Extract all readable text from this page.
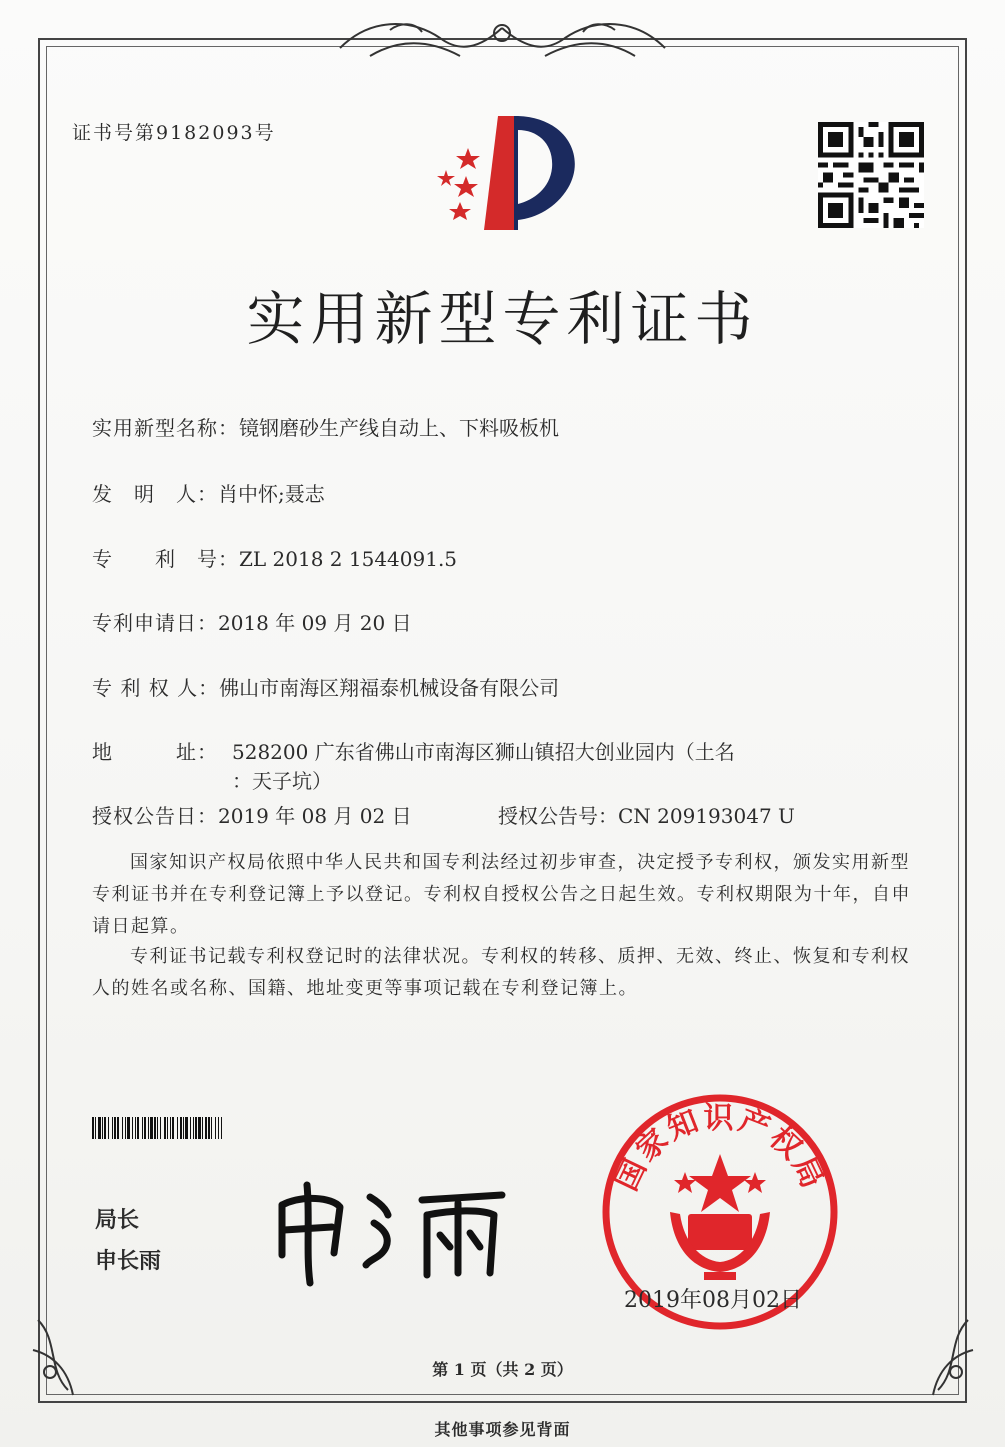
证书号第9182093号
实用新型专利证书
实用新型名称：镜钢磨砂生产线自动上、下料吸板机
发　明　人：肖中怀;聂志
专　　利　号：ZL 2018 2 1544091.5
专利申请日：2018 年 09 月 20 日
专 利 权 人：佛山市南海区翔福泰机械设备有限公司
地　　　址： 528200 广东省佛山市南海区狮山镇招大创业园内（土名
：天子坑）
授权公告日：2019 年 08 月 02 日	授权公告号：CN 209193047 U
国家知识产权局依照中华人民共和国专利法经过初步审查，决定授予专利权，颁发实用新型专利证书并在专利登记簿上予以登记。专利权自授权公告之日起生效。专利权期限为十年，自申请日起算。
专利证书记载专利权登记时的法律状况。专利权的转移、质押、无效、终止、恢复和专利权人的姓名或名称、国籍、地址变更等事项记载在专利登记簿上。
局长
申长雨
国家知识产权局
2019年08月02日
第 1 页（共 2 页）
其他事项参见背面
